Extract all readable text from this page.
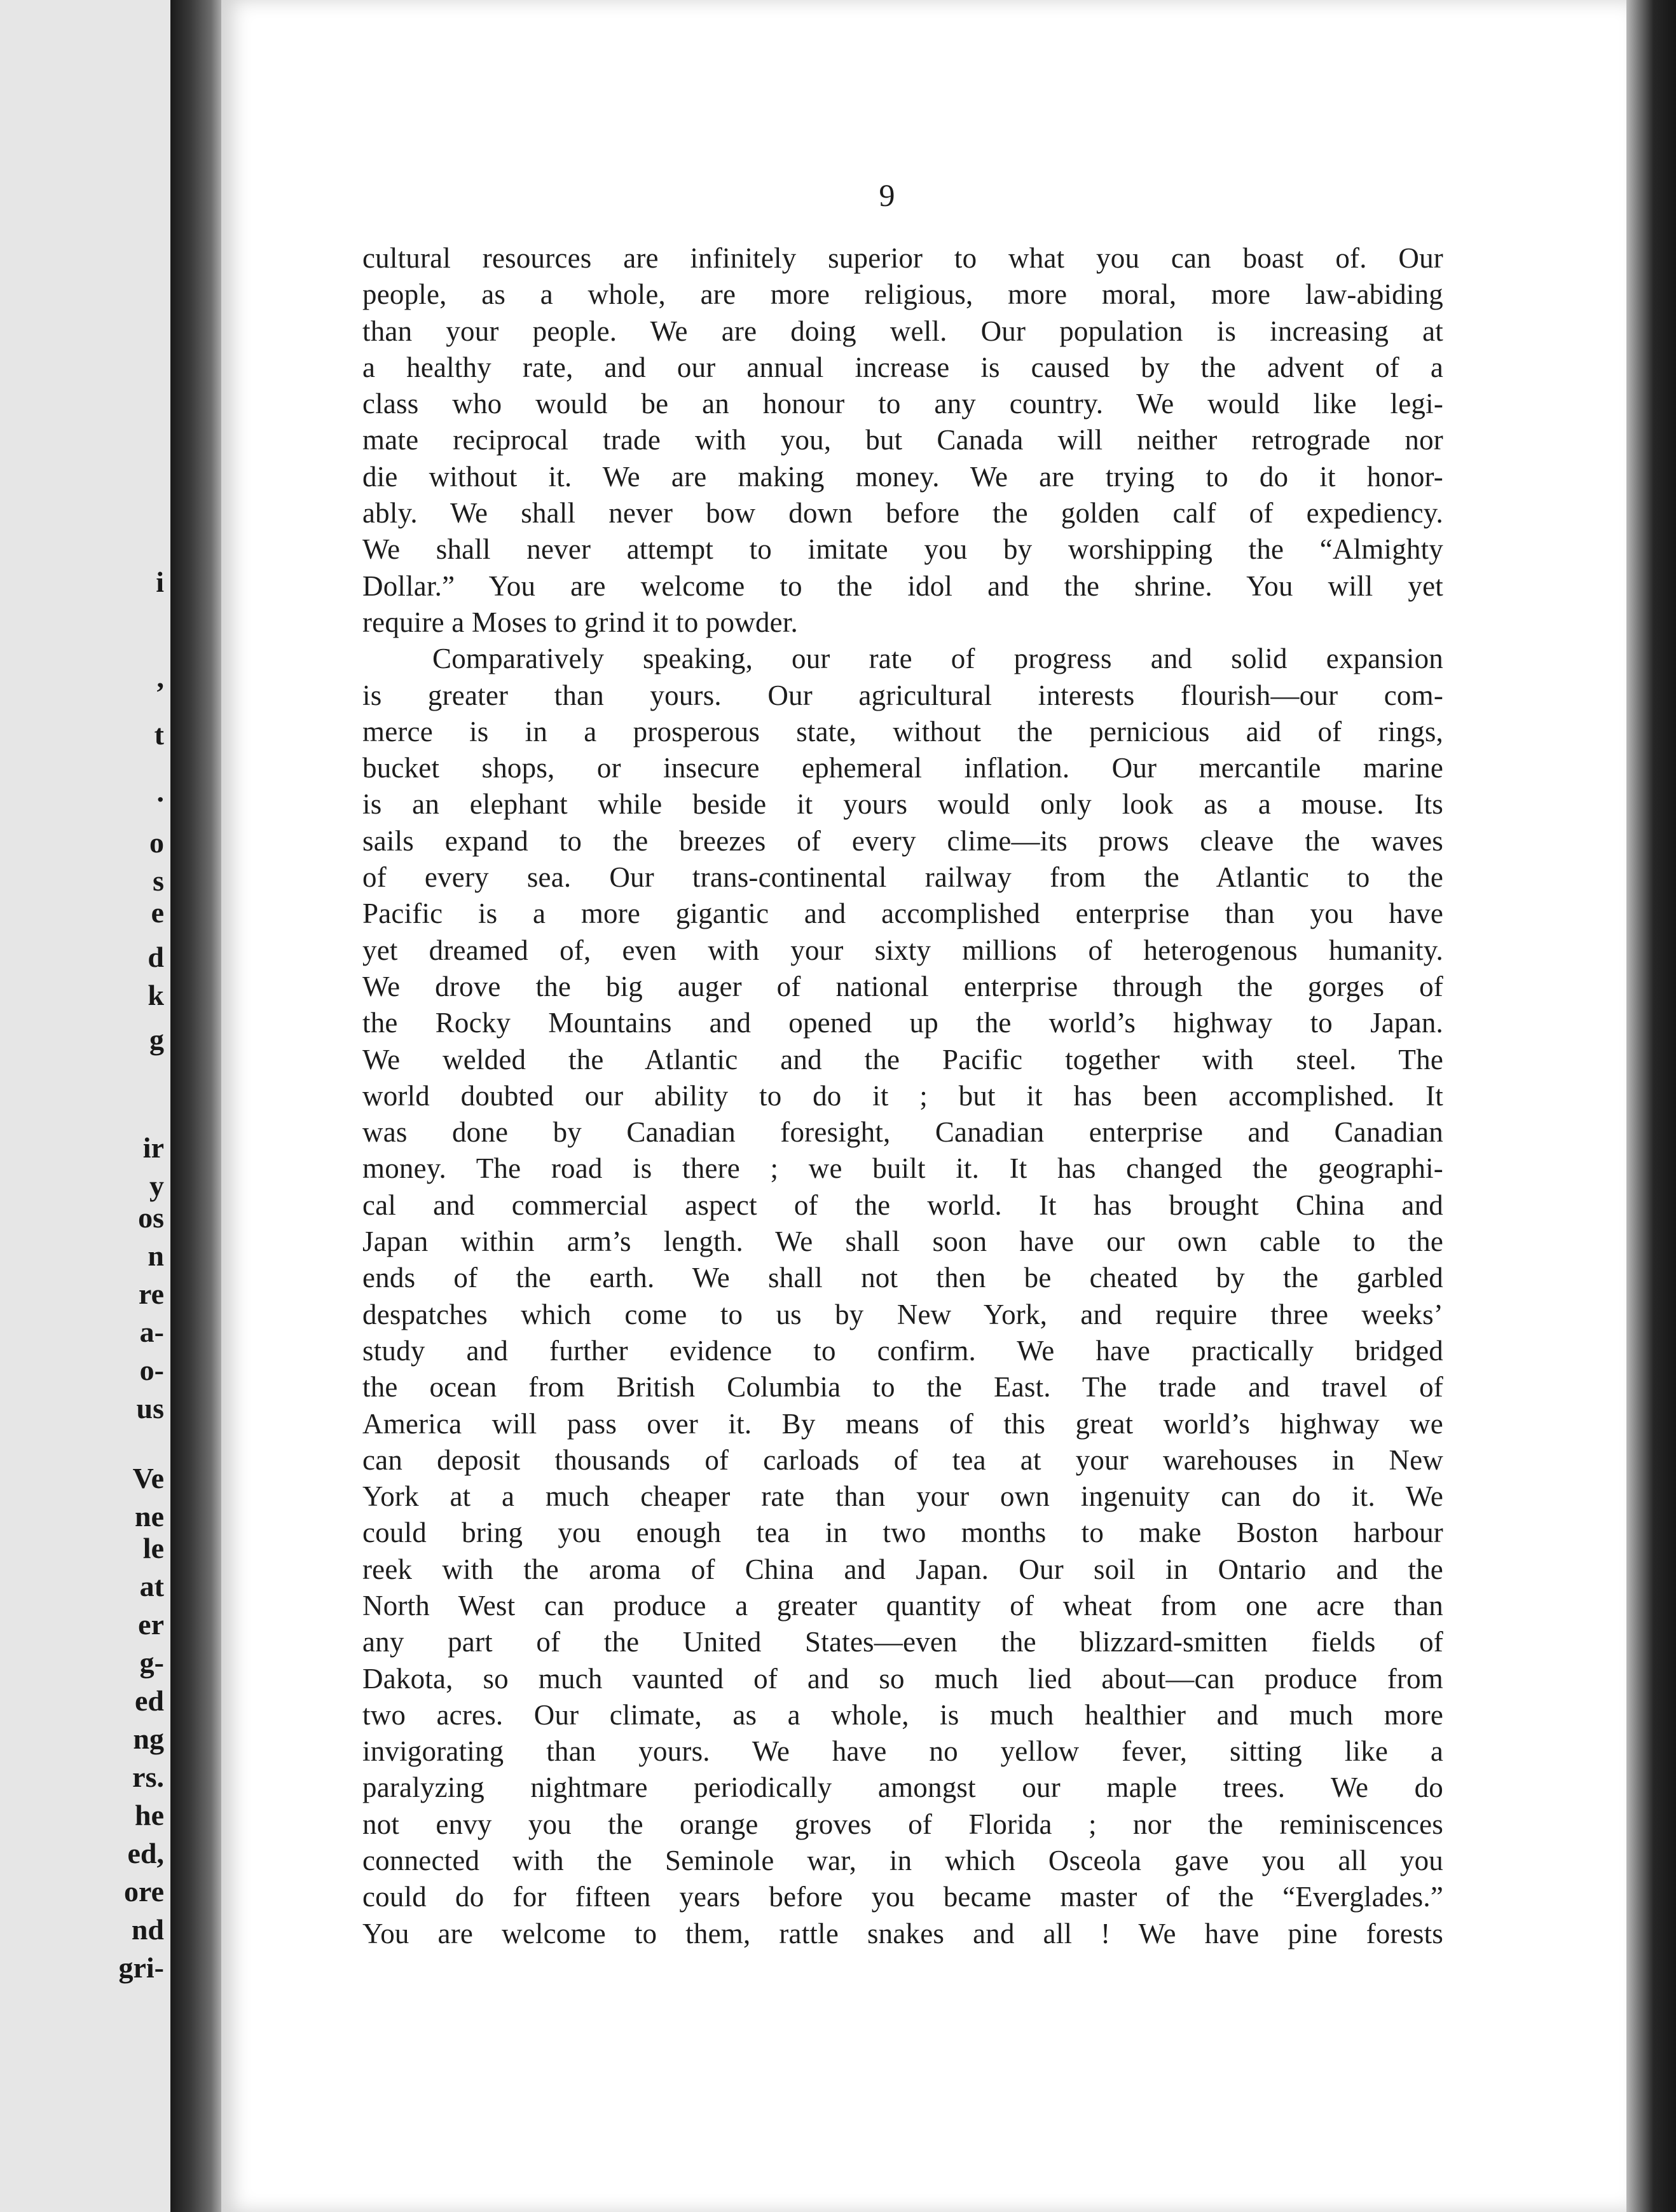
i
,
t
.
o
s
e
d
k
g
ir
y
os
n
re
a-
o-
us
Ve
ne
le
at
er
g-
ed
ng
rs.
he
ed,
ore
nd
gri-
9
cultural resources are infinitely superior to what you can boast of. Our
people, as a whole, are more religious, more moral, more law-abiding
than your people. We are doing well. Our population is increasing at
a healthy rate, and our annual increase is caused by the advent of a
class who would be an honour to any country. We would like legi-
mate reciprocal trade with you, but Canada will neither retrograde nor
die without it. We are making money. We are trying to do it honor-
ably. We shall never bow down before the golden calf of expediency.
We shall never attempt to imitate you by worshipping the “Almighty
Dollar.” You are welcome to the idol and the shrine. You will yet
require a Moses to grind it to powder.
Comparatively speaking, our rate of progress and solid expansion
is greater than yours. Our agricultural interests flourish—our com-
merce is in a prosperous state, without the pernicious aid of rings,
bucket shops, or insecure ephemeral inflation. Our mercantile marine
is an elephant while beside it yours would only look as a mouse. Its
sails expand to the breezes of every clime—its prows cleave the waves
of every sea. Our trans-continental railway from the Atlantic to the
Pacific is a more gigantic and accomplished enterprise than you have
yet dreamed of, even with your sixty millions of heterogenous humanity.
We drove the big auger of national enterprise through the gorges of
the Rocky Mountains and opened up the world’s highway to Japan.
We welded the Atlantic and the Pacific together with steel. The
world doubted our ability to do it ; but it has been accomplished. It
was done by Canadian foresight, Canadian enterprise and Canadian
money. The road is there ; we built it. It has changed the geographi-
cal and commercial aspect of the world. It has brought China and
Japan within arm’s length. We shall soon have our own cable to the
ends of the earth. We shall not then be cheated by the garbled
despatches which come to us by New York, and require three weeks’
study and further evidence to confirm. We have practically bridged
the ocean from British Columbia to the East. The trade and travel of
America will pass over it. By means of this great world’s highway we
can deposit thousands of carloads of tea at your warehouses in New
York at a much cheaper rate than your own ingenuity can do it. We
could bring you enough tea in two months to make Boston harbour
reek with the aroma of China and Japan. Our soil in Ontario and the
North West can produce a greater quantity of wheat from one acre than
any part of the United States—even the blizzard-smitten fields of
Dakota, so much vaunted of and so much lied about—can produce from
two acres. Our climate, as a whole, is much healthier and much more
invigorating than yours. We have no yellow fever, sitting like a
paralyzing nightmare periodically amongst our maple trees. We do
not envy you the orange groves of Florida ; nor the reminiscences
connected with the Seminole war, in which Osceola gave you all you
could do for fifteen years before you became master of the “Everglades.”
You are welcome to them, rattle snakes and all ! We have pine forests
